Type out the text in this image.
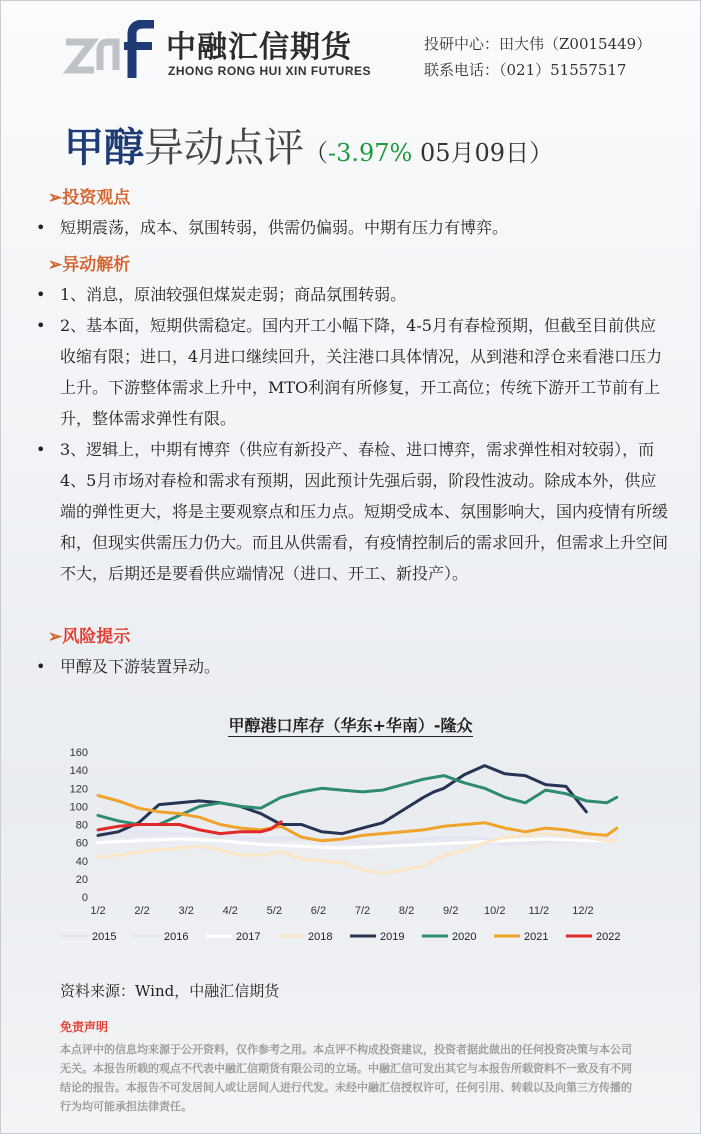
中融汇信期货
ZHONG RONG HUI XIN FUTURES
投研中心：田大伟（Z0015449）
联系电话：（021）51557517
甲醇异动点评（-3.97% 05月09日）
➢投资观点
• 短期震荡，成本、氛围转弱，供需仍偏弱。中期有压力有博弈。
➢异动解析
• 1、消息，原油较强但煤炭走弱；商品氛围转弱。
• 2、基本面，短期供需稳定。国内开工小幅下降，4-5月有春检预期，但截至目前供应收缩有限；进口，4月进口继续回升，关注港口具体情况，从到港和浮仓来看港口压力上升。下游整体需求上升中，MTO利润有所修复，开工高位；传统下游开工节前有上升，整体需求弹性有限。
• 3、逻辑上，中期有博弈（供应有新投产、春检、进口博弈，需求弹性相对较弱），而4、5月市场对春检和需求有预期，因此预计先强后弱，阶段性波动。除成本外，供应端的弹性更大，将是主要观察点和压力点。短期受成本、氛围影响大，国内疫情有所缓和，但现实供需压力仍大。而且从供需看，有疫情控制后的需求回升，但需求上升空间不大，后期还是要看供应端情况（进口、开工、新投产）。
➢风险提示
• 甲醇及下游装置异动。
甲醇港口库存（华东+华南）-隆众
0
20
40
60
80
100
120
140
160
1/2	2/2	3/2	4/2	5/2	6/2	7/2	8/2	9/2 10/2 11/2 12/2
2015	2016	2017	2018	2019	2020	2021	2022
资料来源：Wind，中融汇信期货
免责声明
本点评中的信息均来源于公开资料，仅作参考之用。本点评不构成投资建议，投资者据此做出的任何投资决策与本公司无关。本报告所载的观点不代表中融汇信期货有限公司的立场。中融汇信可发出其它与本报告所载资料不一致及有不同结论的报告。本报告不可发居间人或让居间人进行代发。未经中融汇信授权许可，任何引用、转载以及向第三方传播的行为均可能承担法律责任。
